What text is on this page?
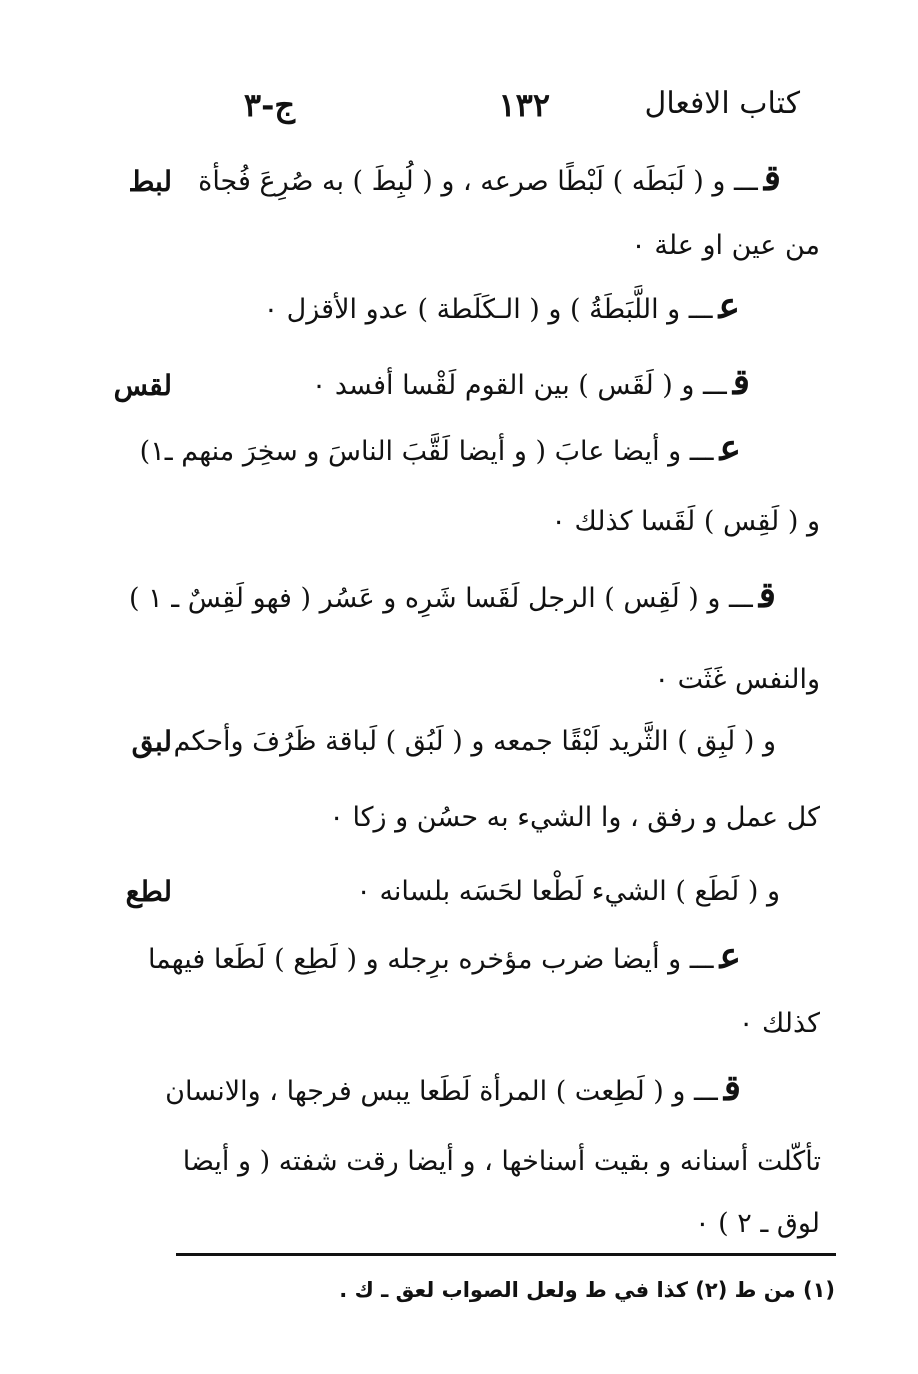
كتاب الافعال
١٣٢
ج-٣
لبط
لقس
لبق
لطع
قـــ و ( لَبَطَه ) لَبْطًا صرعه ، و ( لُبِطَ ) به صُرِعَ فُجأة
من عين او علة ٠
عـــ و اللَّبَطَةُ ) و ( الـكَلَطة ) عدو الأقزل ٠
قـــ و ( لَقَس ) بين القوم لَقْسا أفسد ٠
عـــ و أيضا عابَ ( و أيضا لَقَّبَ الناسَ و سخِرَ منهم ـ١)
و ( لَقِس ) لَقَسا كذلك ٠
قـــ و ( لَقِس ) الرجل لَقَسا شَرِه و عَسُر ( فهو لَقِسٌ ـ ١ )
والنفس غَثَت ٠
و ( لَبِق ) الثَّريد لَبْقًا جمعه و ( لَبُق ) لَباقة ظَرُفَ وأحكم
كل عمل و رفق ، وا الشيء به حسُن و زكا ٠
و ( لَطَع ) الشيء لَطْعا لحَسَه بلسانه ٠
عـــ و أيضا ضرب مؤخره برِجله و ( لَطِع ) لَطَعا فيهما
كذلك ٠
قـــ و ( لَطِعت ) المرأة لَطَعا يبس فرجها ، والانسان
تأكّلت أسنانه و بقيت أسناخها ، و أيضا رقت شفته ( و أيضا
لوق ـ ٢ ) ٠
(١) من ط (٢) كذا في ط ولعل الصواب لعق ـ ك .
